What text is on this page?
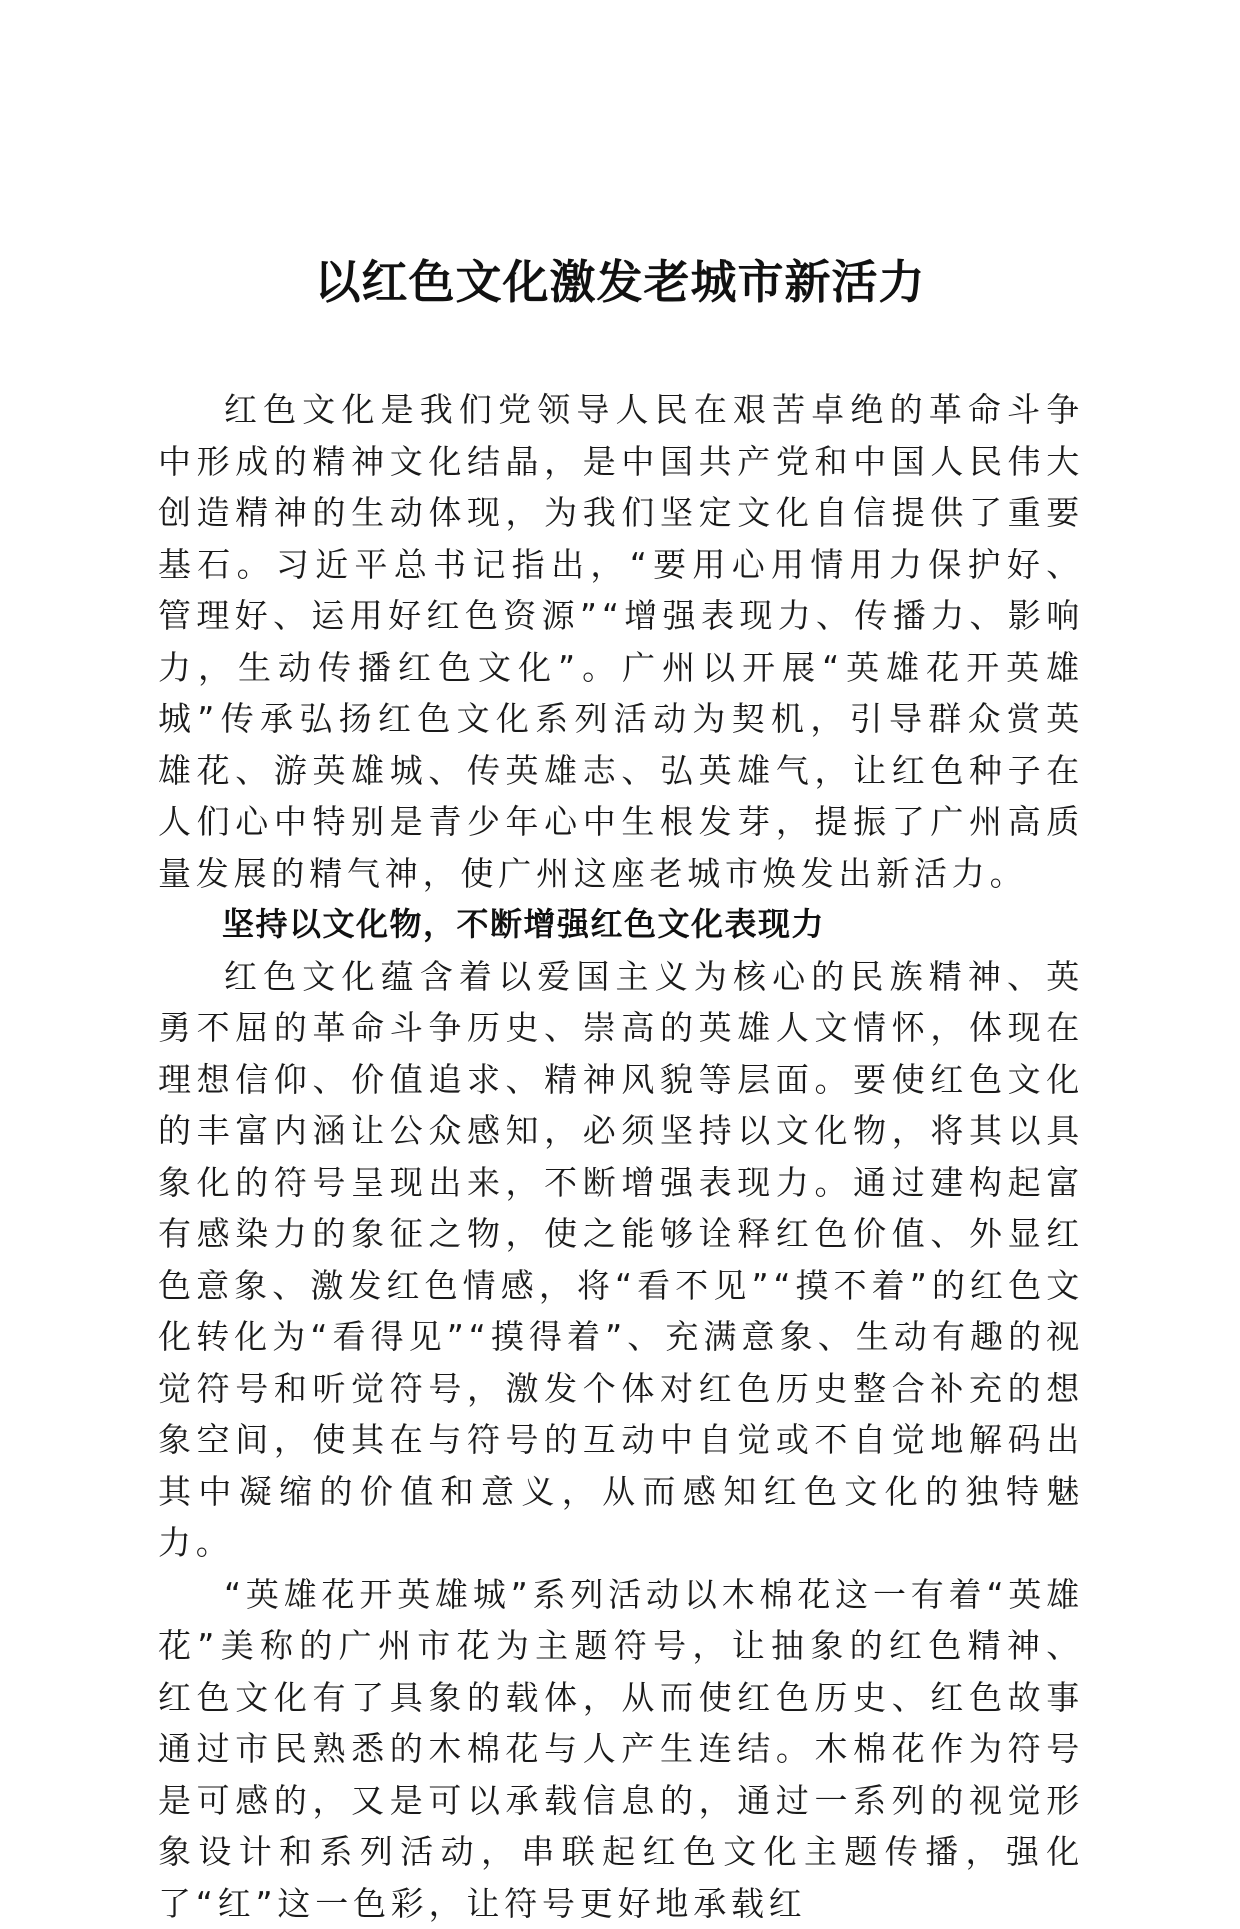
以红色文化激发老城市新活力

红色文化是我们党领导人民在艰苦卓绝的革命斗争中形成的精神文化结晶，是中国共产党和中国人民伟大创造精神的生动体现，为我们坚定文化自信提供了重要基石。习近平总书记指出，“要用心用情用力保护好、管理好、运用好红色资源”“增强表现力、传播力、影响力，生动传播红色文化”。广州以开展“英雄花开英雄城”传承弘扬红色文化系列活动为契机，引导群众赏英雄花、游英雄城、传英雄志、弘英雄气，让红色种子在人们心中特别是青少年心中生根发芽，提振了广州高质量发展的精气神，使广州这座老城市焕发出新活力。

坚持以文化物，不断增强红色文化表现力

红色文化蕴含着以爱国主义为核心的民族精神、英勇不屈的革命斗争历史、崇高的英雄人文情怀，体现在理想信仰、价值追求、精神风貌等层面。要使红色文化的丰富内涵让公众感知，必须坚持以文化物，将其以具象化的符号呈现出来，不断增强表现力。通过建构起富有感染力的象征之物，使之能够诠释红色价值、外显红色意象、激发红色情感，将“看不见”“摸不着”的红色文化转化为“看得见”“摸得着”、充满意象、生动有趣的视觉符号和听觉符号，激发个体对红色历史整合补充的想象空间，使其在与符号的互动中自觉或不自觉地解码出其中凝缩的价值和意义，从而感知红色文化的独特魅力。

“英雄花开英雄城”系列活动以木棉花这一有着“英雄花”美称的广州市花为主题符号，让抽象的红色精神、红色文化有了具象的载体，从而使红色历史、红色故事通过市民熟悉的木棉花与人产生连结。木棉花作为符号是可感的，又是可以承载信息的，通过一系列的视觉形象设计和系列活动，串联起红色文化主题传播，强化了“红”这一色彩，让符号更好地承载红
